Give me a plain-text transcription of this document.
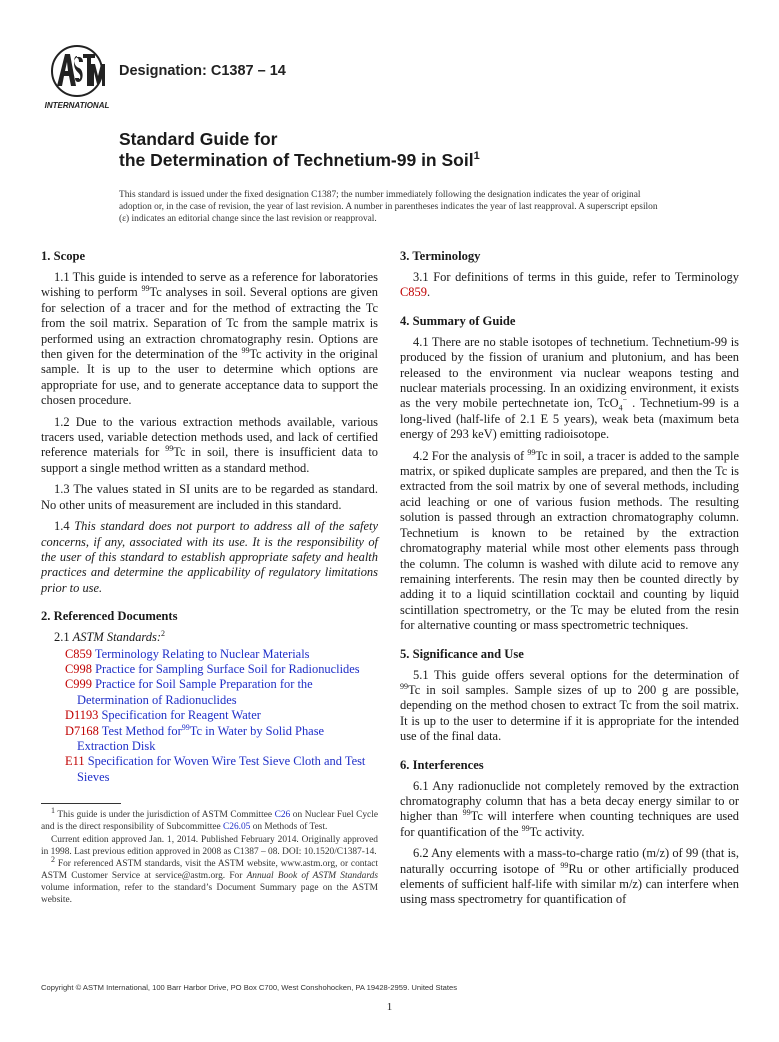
INTERNATIONAL
Designation: C1387 – 14
Standard Guide for
the Determination of Technetium-99 in Soil$^1$
This standard is issued under the fixed designation C1387; the number immediately following the designation indicates the year of original adoption or, in the case of revision, the year of last revision. A number in parentheses indicates the year of last reapproval. A superscript epsilon (ε) indicates an editorial change since the last revision or reapproval.
1. Scope

1.1 This guide is intended to serve as a reference for laboratories wishing to perform $^{99}$Tc analyses in soil. Several options are given for selection of a tracer and for the method of extracting the Tc from the soil matrix. Separation of Tc from the sample matrix is performed using an extraction chromatography resin. Options are then given for the determination of the $^{99}$Tc activity in the original sample. It is up to the user to determine which options are appropriate for use, and to generate acceptance data to support the chosen procedure.

1.2 Due to the various extraction methods available, various tracers used, variable detection methods used, and lack of certified reference materials for $^{99}$Tc in soil, there is insufficient data to support a single method written as a standard method.

1.3 The values stated in SI units are to be regarded as standard. No other units of measurement are included in this standard.

1.4 This standard does not purport to address all of the safety concerns, if any, associated with its use. It is the responsibility of the user of this standard to establish appropriate safety and health practices and determine the applicability of regulatory limitations prior to use.

2. Referenced Documents

2.1 ASTM Standards:$^2$

C859 Terminology Relating to Nuclear Materials
C998 Practice for Sampling Surface Soil for Radionuclides
C999 Practice for Soil Sample Preparation for the Determination of Radionuclides
D1193 Specification for Reagent Water
D7168 Test Method for$^{99}$Tc in Water by Solid Phase Extraction Disk
E11 Specification for Woven Wire Test Sieve Cloth and Test Sieves

$^1$ This guide is under the jurisdiction of ASTM Committee C26 on Nuclear Fuel Cycle and is the direct responsibility of Subcommittee C26.05 on Methods of Test.

Current edition approved Jan. 1, 2014. Published February 2014. Originally approved in 1998. Last previous edition approved in 2008 as C1387 – 08. DOI: 10.1520/C1387-14.

$^2$ For referenced ASTM standards, visit the ASTM website, www.astm.org, or contact ASTM Customer Service at service@astm.org. For Annual Book of ASTM Standards volume information, refer to the standard’s Document Summary page on the ASTM website.

3. Terminology

3.1 For definitions of terms in this guide, refer to Terminology C859.

4. Summary of Guide

4.1 There are no stable isotopes of technetium. Technetium-99 is produced by the fission of uranium and plutonium, and has been released to the environment via nuclear weapons testing and nuclear materials processing. In an oxidizing environment, it exists as the very mobile pertechnetate ion, TcO$_4$− . Technetium-99 is a long-lived (half-life of 2.1 E 5 years), weak beta (maximum beta energy of 293 keV) emitting radioisotope.

4.2 For the analysis of $^{99}$Tc in soil, a tracer is added to the sample matrix, or spiked duplicate samples are prepared, and then the Tc is extracted from the soil matrix by one of several methods, including acid leaching or one of various fusion methods. The resulting solution is passed through an extraction chromatography column. Technetium is known to be retained by the extraction chromatography material while most other elements pass through the column. The column is washed with dilute acid to remove any remaining interferents. The resin may then be counted directly by adding it to a liquid scintillation cocktail and counting by liquid scintillation spectrometry, or the Tc may be eluted from the resin for alternative counting or mass spectrometric techniques.

5. Significance and Use

5.1 This guide offers several options for the determination of $^{99}$Tc in soil samples. Sample sizes of up to 200 g are possible, depending on the method chosen to extract Tc from the soil matrix. It is up to the user to determine if it is appropriate for the intended use of the final data.

6. Interferences

6.1 Any radionuclide not completely removed by the extraction chromatography column that has a beta decay energy similar to or higher than $^{99}$Tc will interfere when counting techniques are used for quantification of the $^{99}$Tc activity.

6.2 Any elements with a mass-to-charge ratio (m/z) of 99 (that is, naturally occurring isotope of $^{99}$Ru or other artificially produced elements of sufficient half-life with similar m/z) can interfere when using mass spectrometry for quantification of

Copyright © ASTM International, 100 Barr Harbor Drive, PO Box C700, West Conshohocken, PA 19428-2959. United States
1
